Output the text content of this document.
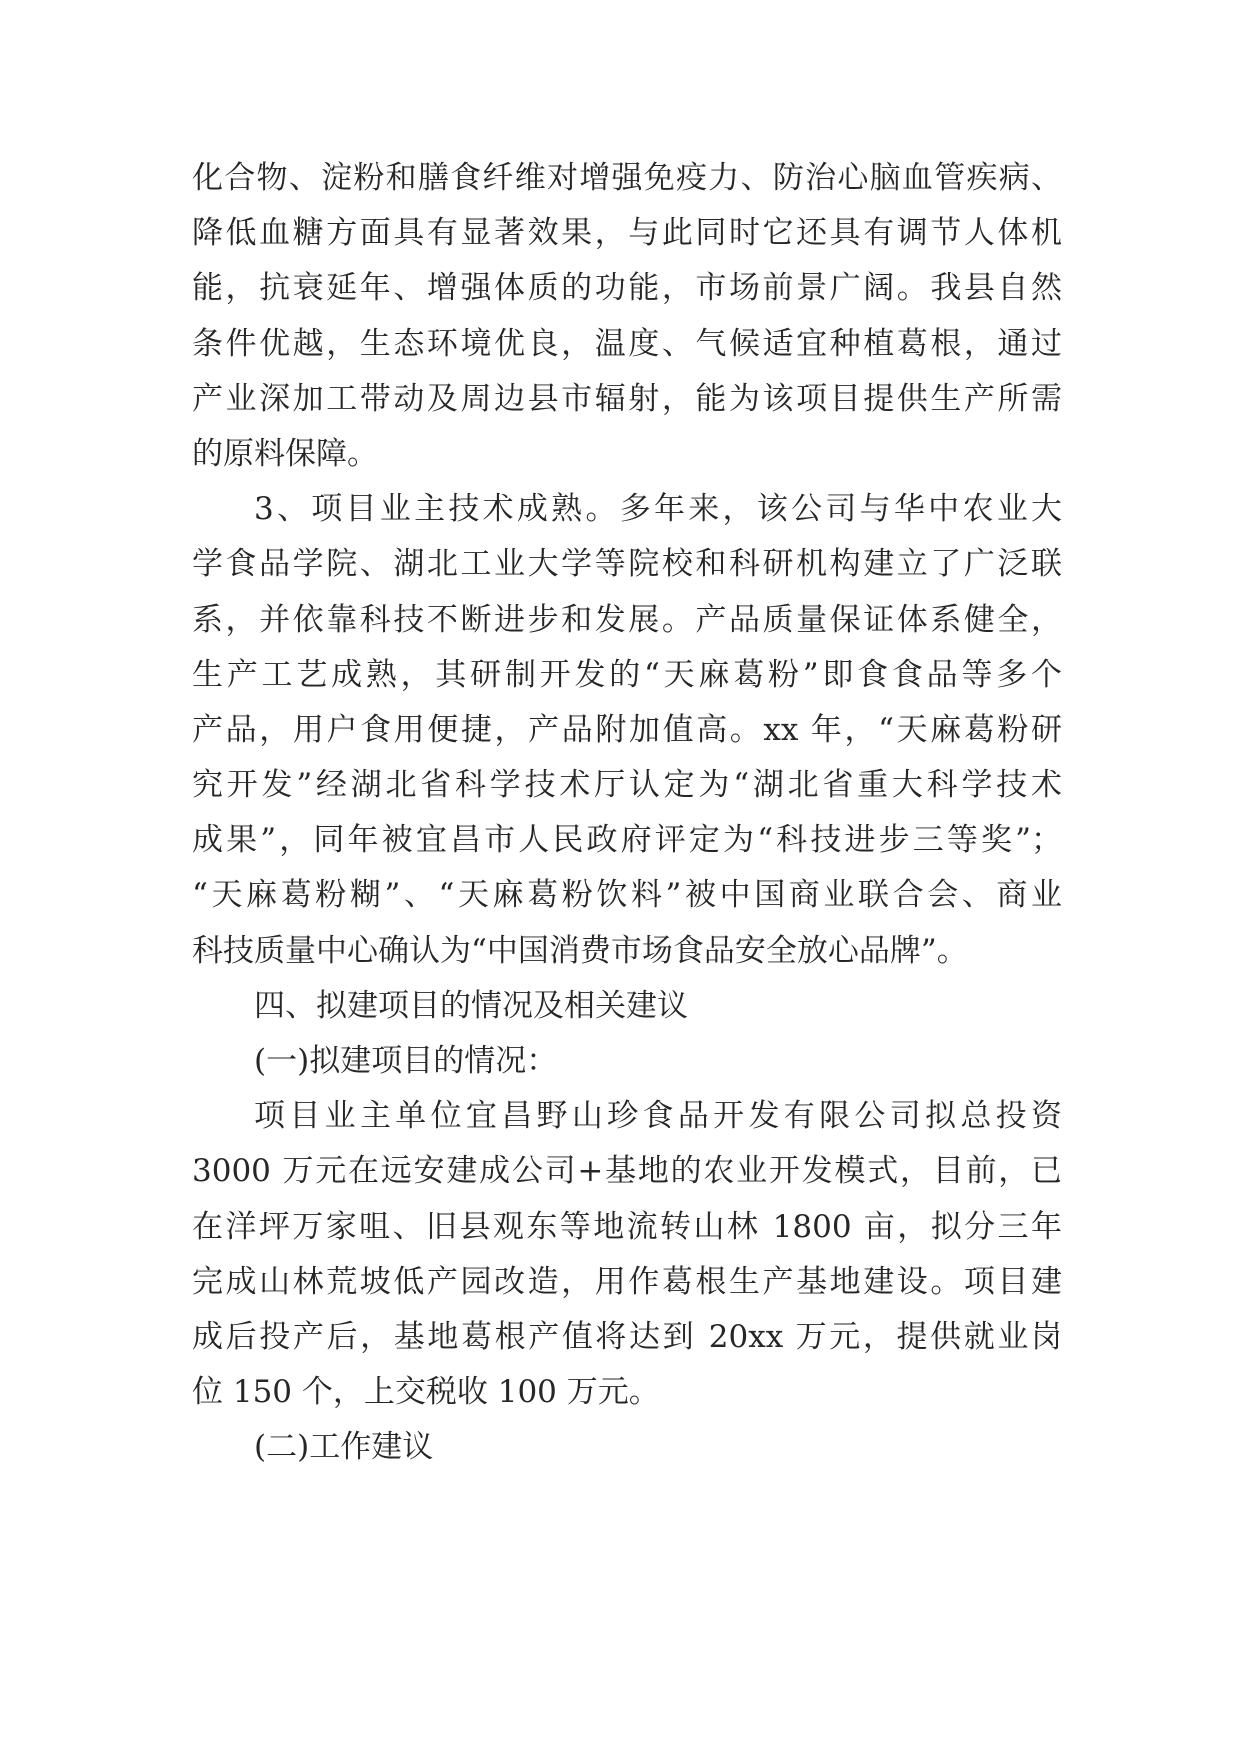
化合物、淀粉和膳食纤维对增强免疫力、防治心脑血管疾病、
降低血糖方面具有显著效果，与此同时它还具有调节人体机
能，抗衰延年、增强体质的功能，市场前景广阔。我县自然
条件优越，生态环境优良，温度、气候适宜种植葛根，通过
产业深加工带动及周边县市辐射，能为该项目提供生产所需
的原料保障。
3、项目业主技术成熟。多年来，该公司与华中农业大
学食品学院、湖北工业大学等院校和科研机构建立了广泛联
系，并依靠科技不断进步和发展。产品质量保证体系健全，
生产工艺成熟，其研制开发的“天麻葛粉”即食食品等多个
产品，用户食用便捷，产品附加值高。xx 年，“天麻葛粉研
究开发”经湖北省科学技术厅认定为“湖北省重大科学技术
成果”，同年被宜昌市人民政府评定为“科技进步三等奖”；
“天麻葛粉糊”、“天麻葛粉饮料”被中国商业联合会、商业
科技质量中心确认为“中国消费市场食品安全放心品牌”。
四、拟建项目的情况及相关建议
(一)拟建项目的情况：
项目业主单位宜昌野山珍食品开发有限公司拟总投资
3000 万元在远安建成公司+基地的农业开发模式，目前，已
在洋坪万家咀、旧县观东等地流转山林 1800 亩，拟分三年
完成山林荒坡低产园改造，用作葛根生产基地建设。项目建
成后投产后，基地葛根产值将达到 20xx 万元，提供就业岗
位 150 个，上交税收 100 万元。
(二)工作建议
